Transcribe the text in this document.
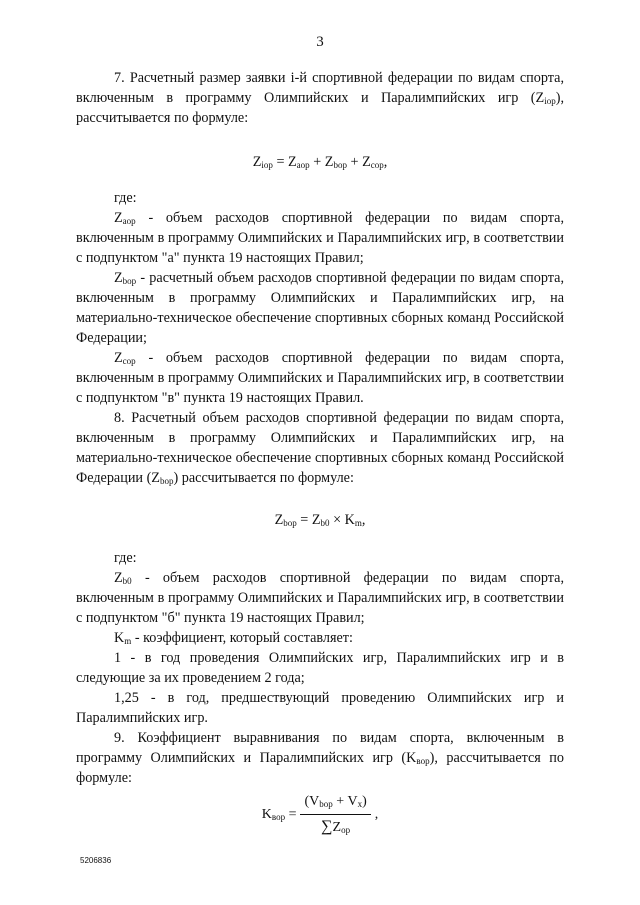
3

7. Расчетный размер заявки i-й спортивной федерации по видам спорта, включенным в программу Олимпийских и Паралимпийских игр $(Z_{iop})$, рассчитывается по формуле:

$Z_{iop} = Z_{aop} + Z_{bop} + Z_{cop}$,

где:

$Z_{aop}$ - объем расходов спортивной федерации по видам спорта, включенным в программу Олимпийских и Паралимпийских игр, в соответствии с подпунктом "а" пункта 19 настоящих Правил;

$Z_{bop}$ - расчетный объем расходов спортивной федерации по видам спорта, включенным в программу Олимпийских и Паралимпийских игр, на материально-техническое обеспечение спортивных сборных команд Российской Федерации;

$Z_{cop}$ - объем расходов спортивной федерации по видам спорта, включенным в программу Олимпийских и Паралимпийских игр, в соответствии с подпунктом "в" пункта 19 настоящих Правил.

8. Расчетный объем расходов спортивной федерации по видам спорта, включенным в программу Олимпийских и Паралимпийских игр, на материально-техническое обеспечение спортивных сборных команд Российской Федерации $(Z_{bop})$ рассчитывается по формуле:

$Z_{bop} = Z_{b0} \times K_m$,

где:

$Z_{b0}$ - объем расходов спортивной федерации по видам спорта, включенным в программу Олимпийских и Паралимпийских игр, в соответствии с подпунктом "б" пункта 19 настоящих Правил;

$K_m$ - коэффициент, который составляет:

1 - в год проведения Олимпийских игр, Паралимпийских игр и в следующие за их проведением 2 года;

1,25 - в год, предшествующий проведению Олимпийских игр и Паралимпийских игр.

9. Коэффициент выравнивания по видам спорта, включенным в программу Олимпийских и Паралимпийских игр $(K_{вор})$, рассчитывается по формуле:

$K_{вор} = \frac{(V_{bop} + V_x)}{\sum Z_{op}}$ ,
5206836
